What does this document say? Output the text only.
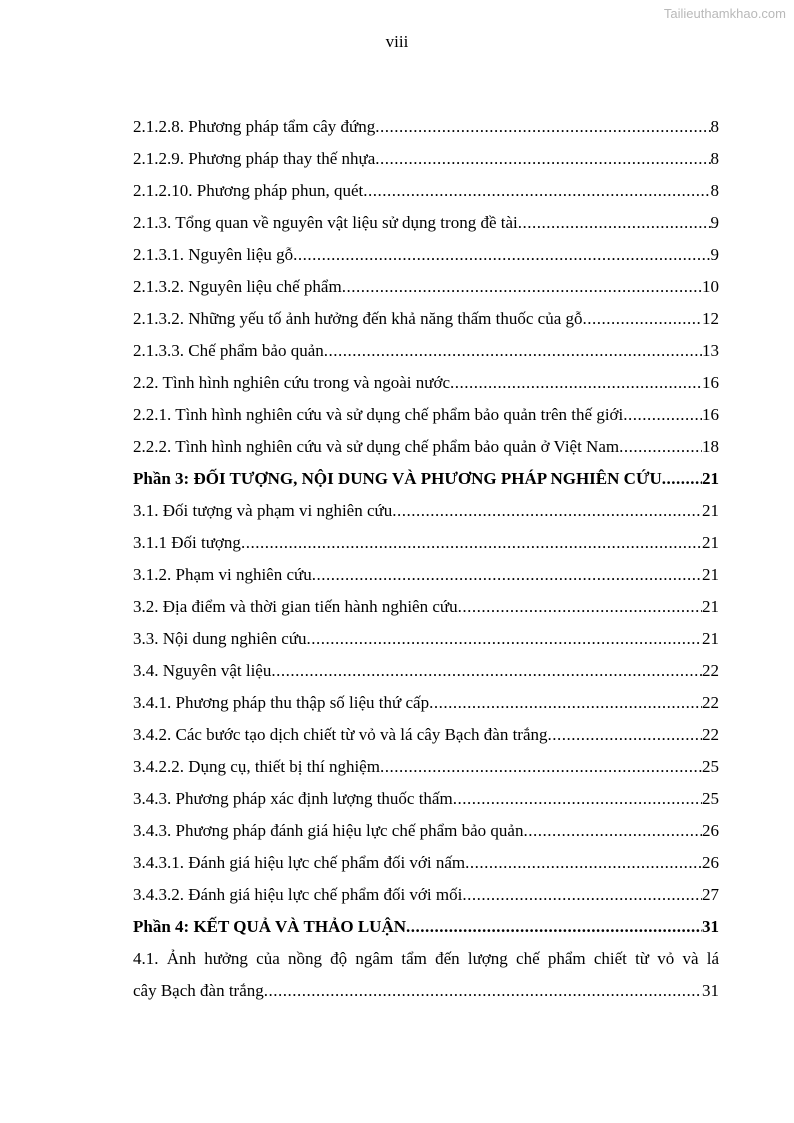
Tailieuthamkhao.com
viii
2.1.2.8. Phương pháp tẩm cây đứng .....	8
2.1.2.9. Phương pháp thay thế nhựa .....	8
2.1.2.10. Phương pháp phun, quét .....	8
2.1.3. Tổng quan về nguyên vật liệu sử dụng trong đề tài .....	9
2.1.3.1. Nguyên liệu gỗ .....	9
2.1.3.2. Nguyên liệu chế phẩm .....	10
2.1.3.2. Những yếu tố ảnh hưởng đến khả năng thấm thuốc của gỗ .....	12
2.1.3.3. Chế phẩm bảo quản .....	13
2.2. Tình hình nghiên cứu trong và ngoài nước .....	16
2.2.1. Tình hình nghiên cứu và sử dụng chế phẩm bảo quản trên thế giới .....	16
2.2.2. Tình hình nghiên cứu và sử dụng chế phẩm bảo quản ở Việt Nam .....	18
Phần 3: ĐỐI TƯỢNG, NỘI DUNG VÀ PHƯƠNG PHÁP NGHIÊN CỨU ..... 21
3.1. Đối tượng và phạm vi nghiên cứu .....	21
3.1.1 Đối tượng .....	21
3.1.2. Phạm vi nghiên cứu .....	21
3.2. Địa điểm và thời gian tiến hành nghiên cứu .....	21
3.3. Nội dung nghiên cứu .....	21
3.4. Nguyên vật liệu .....	22
3.4.1. Phương pháp thu thập số liệu thứ cấp .....	22
3.4.2. Các bước tạo dịch chiết từ vỏ và lá cây Bạch đàn trắng .....	22
3.4.2.2. Dụng cụ, thiết bị thí nghiệm .....	25
3.4.3. Phương pháp xác định lượng thuốc thấm .....	25
3.4.3. Phương pháp đánh giá hiệu lực chế phẩm bảo quản .....	26
3.4.3.1. Đánh giá hiệu lực chế phẩm đối với nấm .....	26
3.4.3.2. Đánh giá hiệu lực chế phẩm đối với mối .....	27
Phần 4: KẾT QUẢ VÀ THẢO LUẬN .....	31
4.1. Ảnh hưởng của nồng độ ngâm tẩm đến lượng chế phẩm chiết từ vỏ và lá
cây Bạch đàn trắng .....	31
